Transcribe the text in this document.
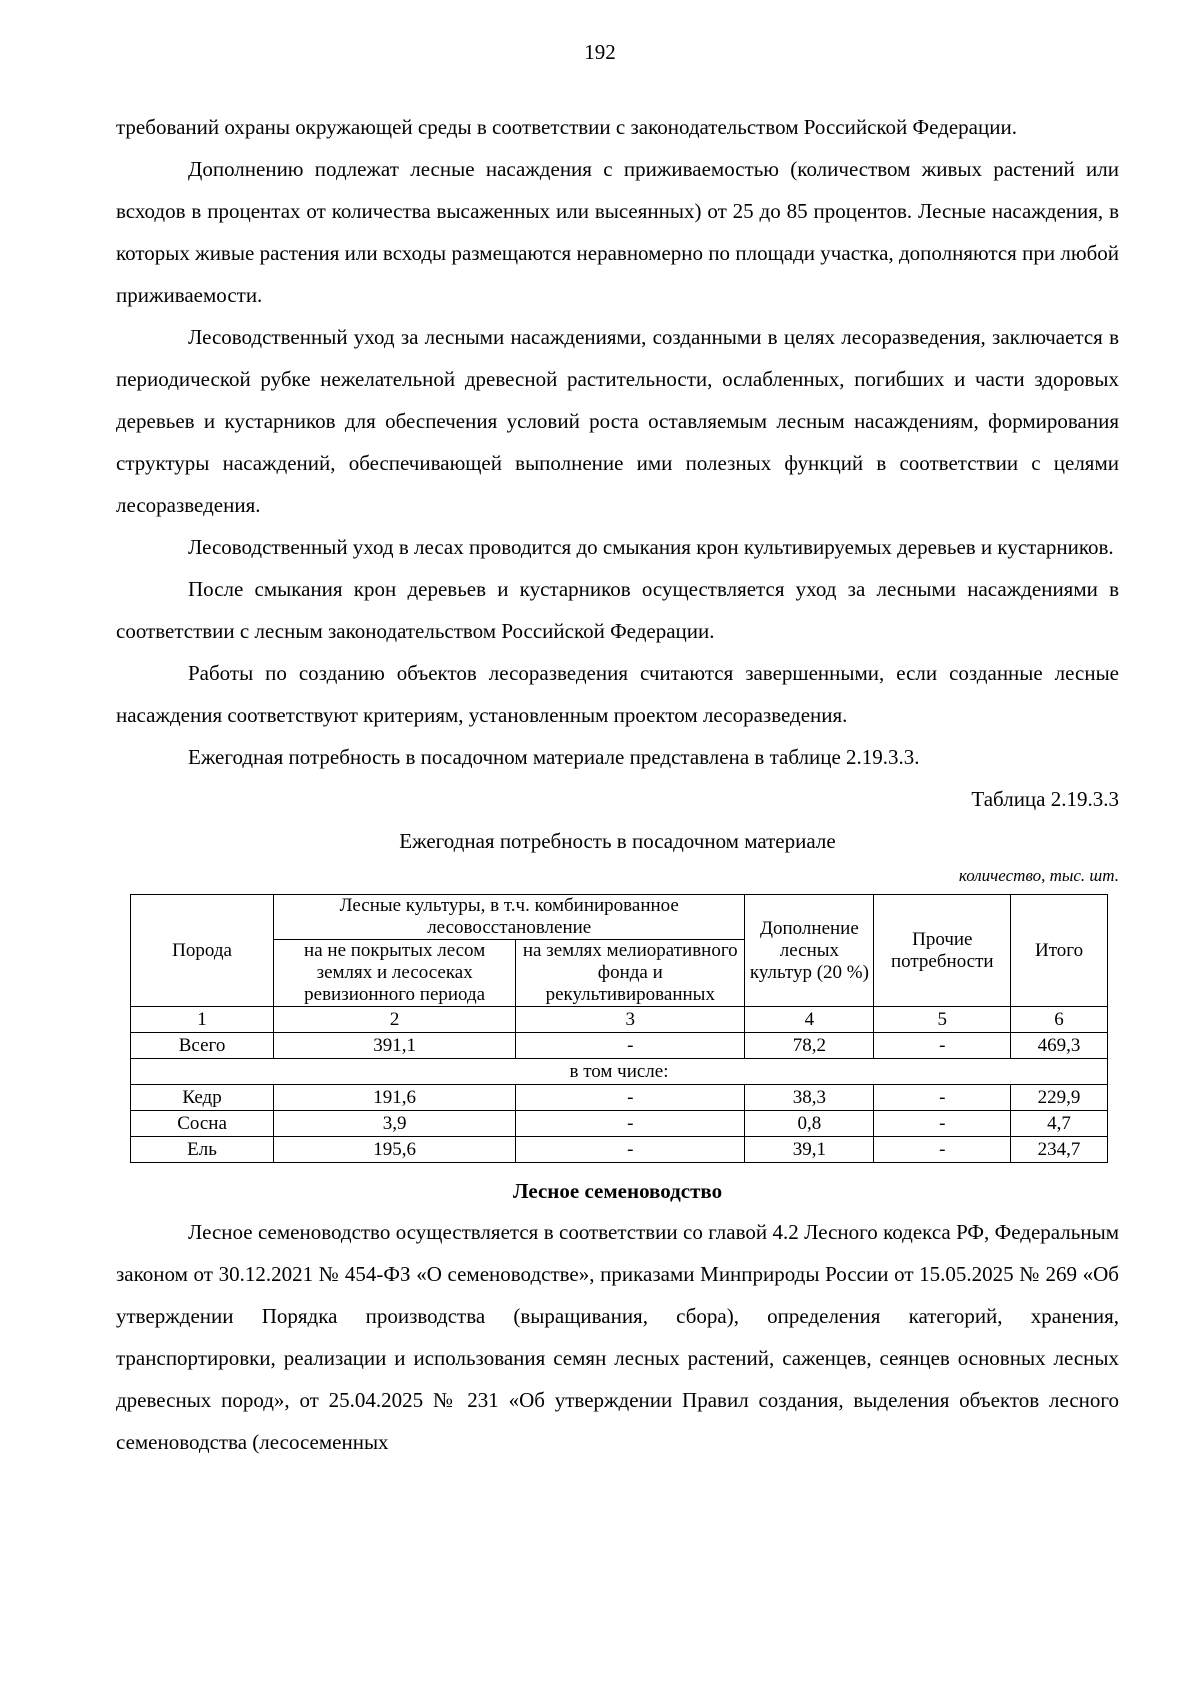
192

требований охраны окружающей среды в соответствии с законодательством Российской Федерации.

Дополнению подлежат лесные насаждения с приживаемостью (количеством живых растений или всходов в процентах от количества высаженных или высеянных) от 25 до 85 процентов. Лесные насаждения, в которых живые растения или всходы размещаются неравномерно по площади участка, дополняются при любой приживаемости.

Лесоводственный уход за лесными насаждениями, созданными в целях лесоразведения, заключается в периодической рубке нежелательной древесной растительности, ослабленных, погибших и части здоровых деревьев и кустарников для обеспечения условий роста оставляемым лесным насаждениям, формирования структуры насаждений, обеспечивающей выполнение ими полезных функций в соответствии с целями лесоразведения.

Лесоводственный уход в лесах проводится до смыкания крон культивируемых деревьев и кустарников.

После смыкания крон деревьев и кустарников осуществляется уход за лесными насаждениями в соответствии с лесным законодательством Российской Федерации.

Работы по созданию объектов лесоразведения считаются завершенными, если созданные лесные насаждения соответствуют критериям, установленным проектом лесоразведения.

Ежегодная потребность в посадочном материале представлена в таблице 2.19.3.3.

Таблица 2.19.3.3

Ежегодная потребность в посадочном материале

количество, тыс. шт.

Порода	Лесные культуры, в т.ч. комбинированное лесовосстановление		Дополнение лесных культур (20 %)	Прочие потребности	Итого
	на не покрытых лесом землях и лесосеках ревизионного периода	на землях мелиоративного фонда и рекультивированных			
1	2	3	4	5	6
Всего	391,1	-	78,2	-	469,3
в том числе:					
Кедр	191,6	-	38,3	-	229,9
Сосна	3,9	-	0,8	-	4,7
Ель	195,6	-	39,1	-	234,7

Лесное семеноводство

Лесное семеноводство осуществляется в соответствии со главой 4.2 Лесного кодекса РФ, Федеральным законом от 30.12.2021 № 454-ФЗ «О семеноводстве», приказами Минприроды России от 15.05.2025 № 269 «Об утверждении Порядка производства (выращивания, сбора), определения категорий, хранения, транспортировки, реализации и использования семян лесных растений, саженцев, сеянцев основных лесных древесных пород», от 25.04.2025 № 231 «Об утверждении Правил создания, выделения объектов лесного семеноводства (лесосеменных
